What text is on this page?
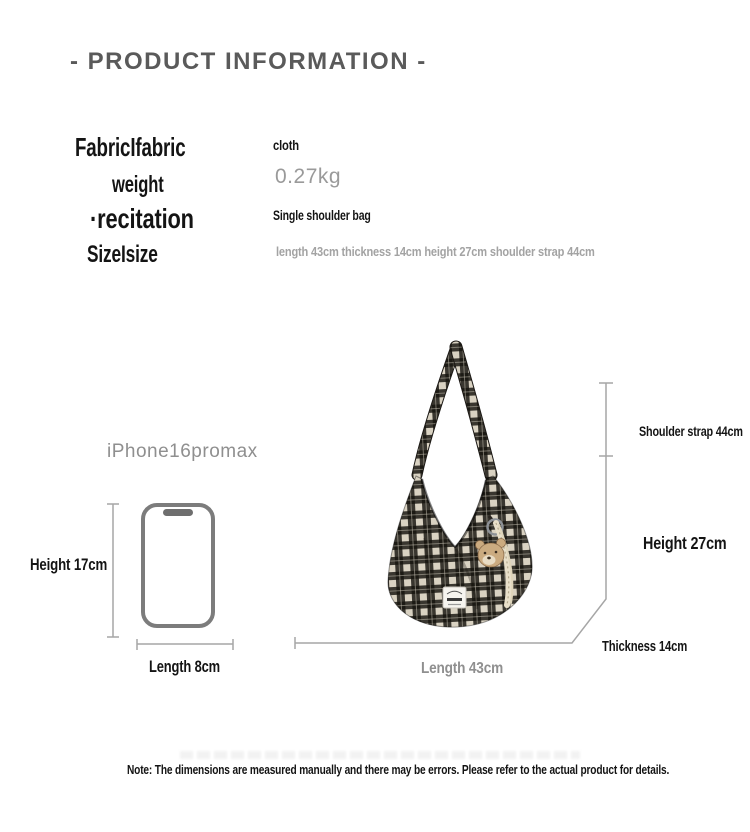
- PRODUCT INFORMATION -
FabricIfabric
weight
·recitation
SizeIsize
cloth
0.27kg
Single shoulder bag
length 43cm thickness 14cm height 27cm shoulder strap 44cm
iPhone16promax
Height 17cm
Length 8cm
Shoulder strap 44cm
Height 27cm
Thickness 14cm
Length 43cm
Note: The dimensions are measured manually and there may be errors. Please refer to the actual product for details.
